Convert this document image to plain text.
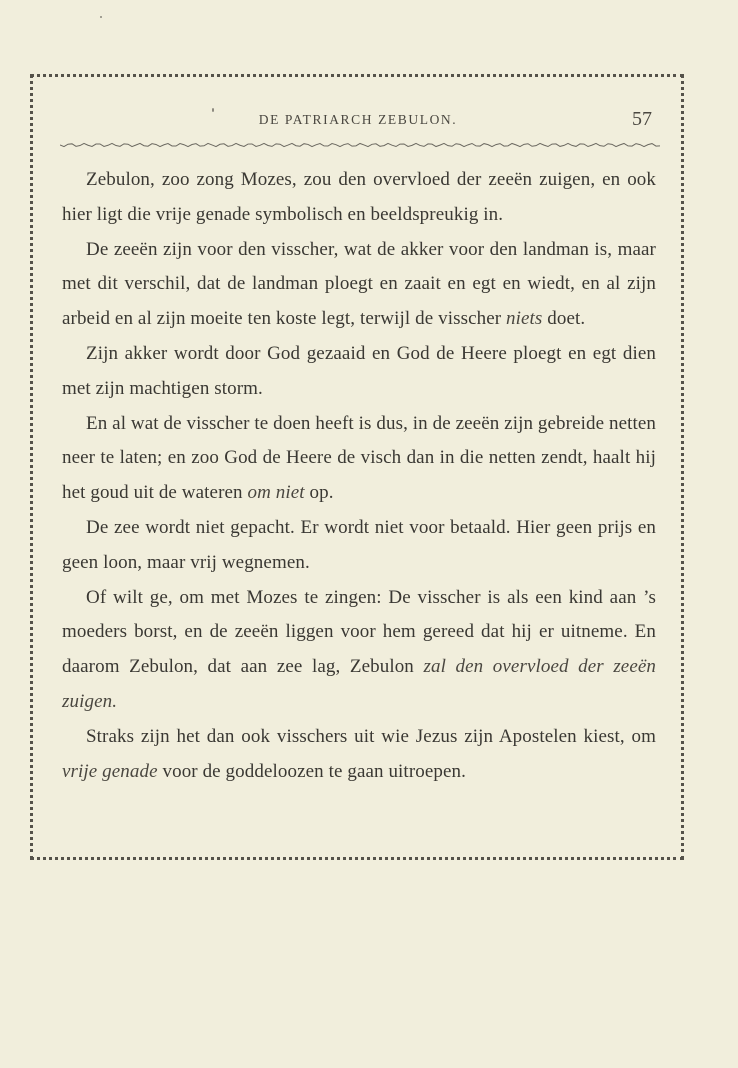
DE PATRIARCH ZEBULON.	57

Zebulon, zoo zong Mozes, zou den overvloed der zeeën zuigen, en ook hier ligt die vrije genade symbolisch en beeldspreukig in.

De zeeën zijn voor den visscher, wat de akker voor den landman is, maar met dit verschil, dat de landman ploegt en zaait en egt en wiedt, en al zijn arbeid en al zijn moeite ten koste legt, terwijl de visscher niets doet.

Zijn akker wordt door God gezaaid en God de Heere ploegt en egt dien met zijn machtigen storm.

En al wat de visscher te doen heeft is dus, in de zeeën zijn gebreide netten neer te laten; en zoo God de Heere de visch dan in die netten zendt, haalt hij het goud uit de wateren om niet op.

De zee wordt niet gepacht. Er wordt niet voor betaald. Hier geen prijs en geen loon, maar vrij wegnemen.

Of wilt ge, om met Mozes te zingen: De visscher is als een kind aan ’s moeders borst, en de zeeën liggen voor hem gereed dat hij er uitneme. En daarom Zebulon, dat aan zee lag, Zebulon zal den overvloed der zeeën zuigen.

Straks zijn het dan ook visschers uit wie Jezus zijn Apostelen kiest, om vrije genade voor de goddeloozen te gaan uitroepen.
